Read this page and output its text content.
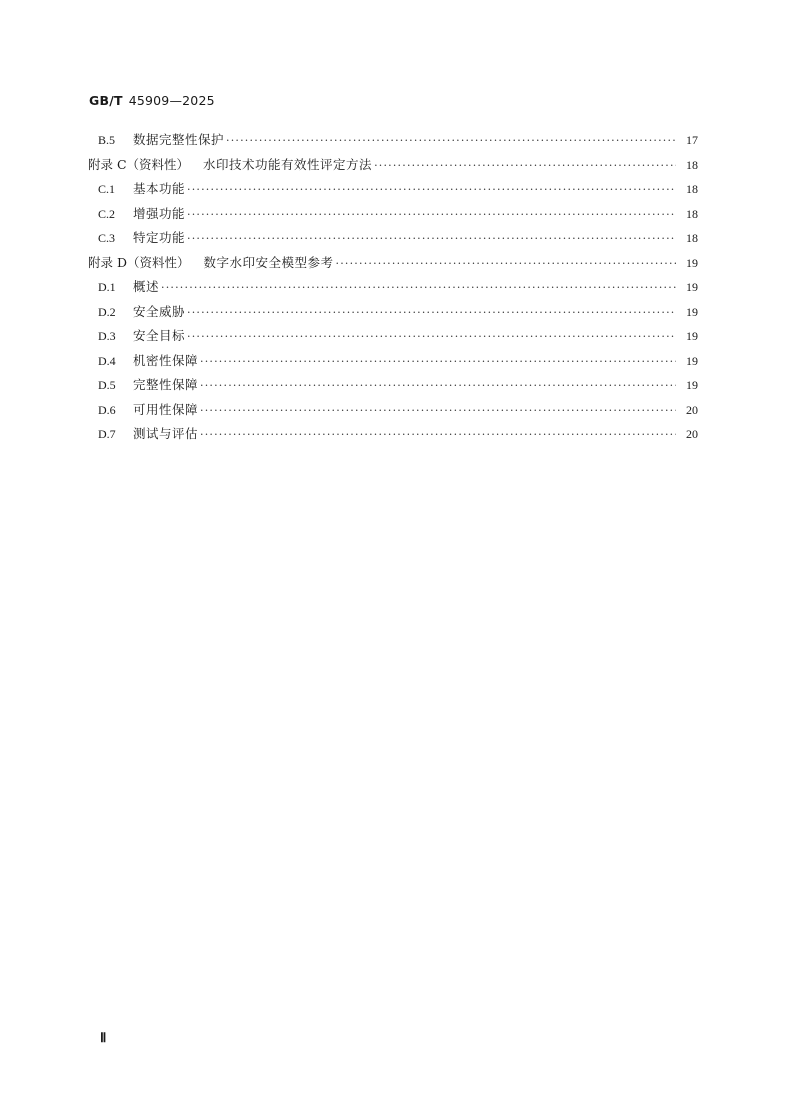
GB/T 45909—2025
B.5	数据完整性保护 ·····	17
附录 C（资料性） 水印技术功能有效性评定方法 ·····	18
C.1	基本功能 ·····	18
C.2	增强功能 ·····	18
C.3	特定功能 ·····	18
附录 D（资料性） 数字水印安全模型参考 ·····	19
D.1	概述 ·····	19
D.2	安全威胁 ·····	19
D.3	安全目标 ·····	19
D.4	机密性保障 ·····	19
D.5	完整性保障 ·····	19
D.6	可用性保障 ·····	20
D.7	测试与评估 ·····	20
Ⅱ
